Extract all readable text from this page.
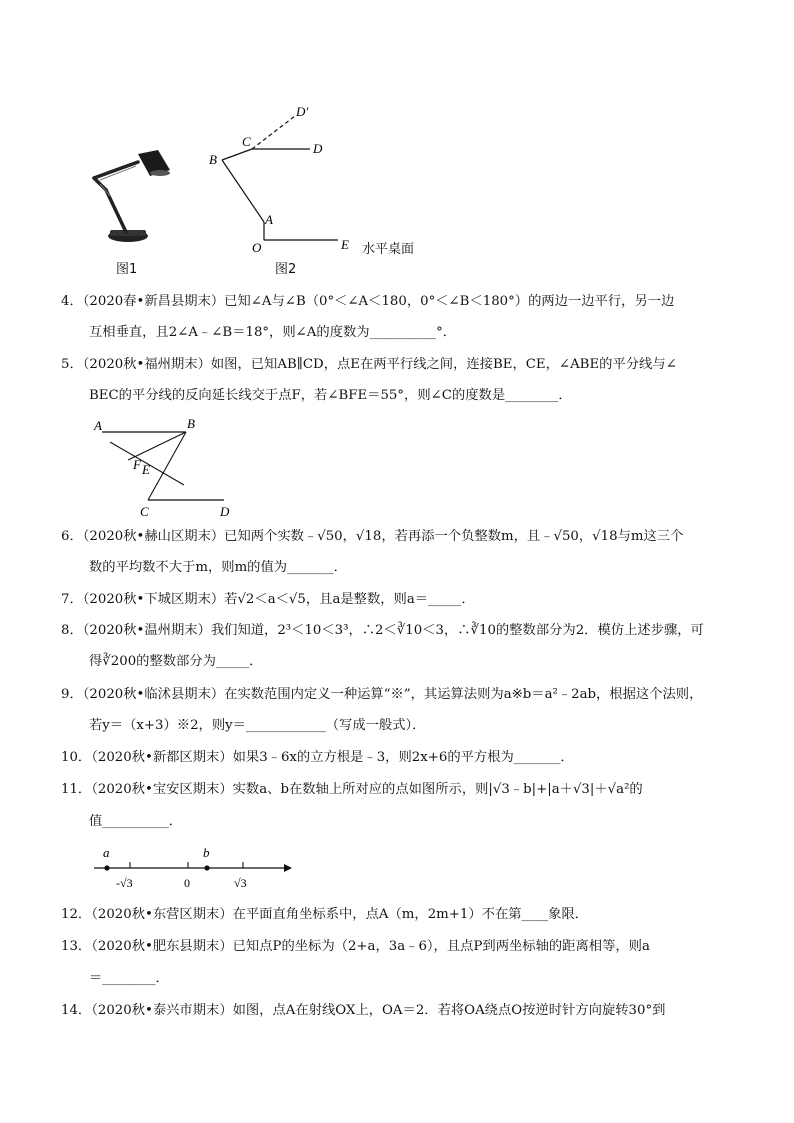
图1
D′
C	D
B
A
O	E 水平桌面
图2
4．（2020春•新昌县期末）已知∠A与∠B（0°＜∠A＜180，0°＜∠B＜180°）的两边一边平行，另一边
互相垂直，且2∠A﹣∠B＝18°，则∠A的度数为__________°．
5．（2020秋•福州期末）如图，已知AB∥CD，点E在两平行线之间，连接BE，CE，∠ABE的平分线与∠
BEC的平分线的反向延长线交于点F，若∠BFE＝55°，则∠C的度数是________．
A	B
F E
C	D
6．（2020秋•赫山区期末）已知两个实数﹣√50，√18，若再添一个负整数m，且﹣√50，√18与m这三个
数的平均数不大于m，则m的值为_______．
7．（2020秋•下城区期末）若√2＜a＜√5，且a是整数，则a＝_____．
8．（2020秋•温州期末）我们知道，2³＜10＜3³，∴2＜∛10＜3，∴∛10的整数部分为2．模仿上述步骤，可
得∛200的整数部分为_____．
9．（2020秋•临沭县期末）在实数范围内定义一种运算“※”，其运算法则为a※b＝a²﹣2ab，根据这个法则，
若y＝（x+3）※2，则y＝____________（写成一般式）．
10．（2020秋•新都区期末）如果3﹣6x的立方根是﹣3，则2x+6的平方根为_______．
11．（2020秋•宝安区期末）实数a、b在数轴上所对应的点如图所示，则|√3﹣b|+|a＋√3|＋√a²的
值__________．
a	b
-√3	0	√3
12．（2020秋•东营区期末）在平面直角坐标系中，点A（m，2m+1）不在第____象限．
13．（2020秋•肥东县期末）已知点P的坐标为（2+a，3a﹣6），且点P到两坐标轴的距离相等，则a
＝________．
14．（2020秋•泰兴市期末）如图，点A在射线OX上，OA＝2．若将OA绕点O按逆时针方向旋转30°到
